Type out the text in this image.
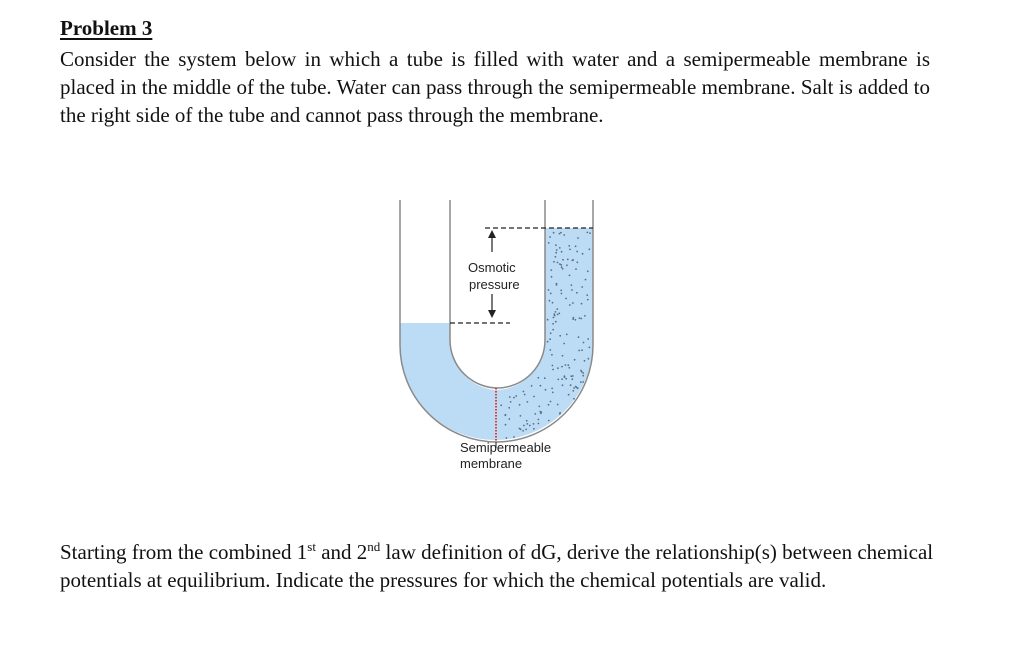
Problem 3
Consider the system below in which a tube is filled with water and a semipermeable membrane is placed in the middle of the tube. Water can pass through the semipermeable membrane. Salt is added to the right side of the tube and cannot pass through the membrane.
Osmotic
pressure
Semipermeable
membrane
Starting from the combined 1st and 2nd law definition of dG, derive the relationship(s) between chemical potentials at equilibrium. Indicate the pressures for which the chemical potentials are valid.
